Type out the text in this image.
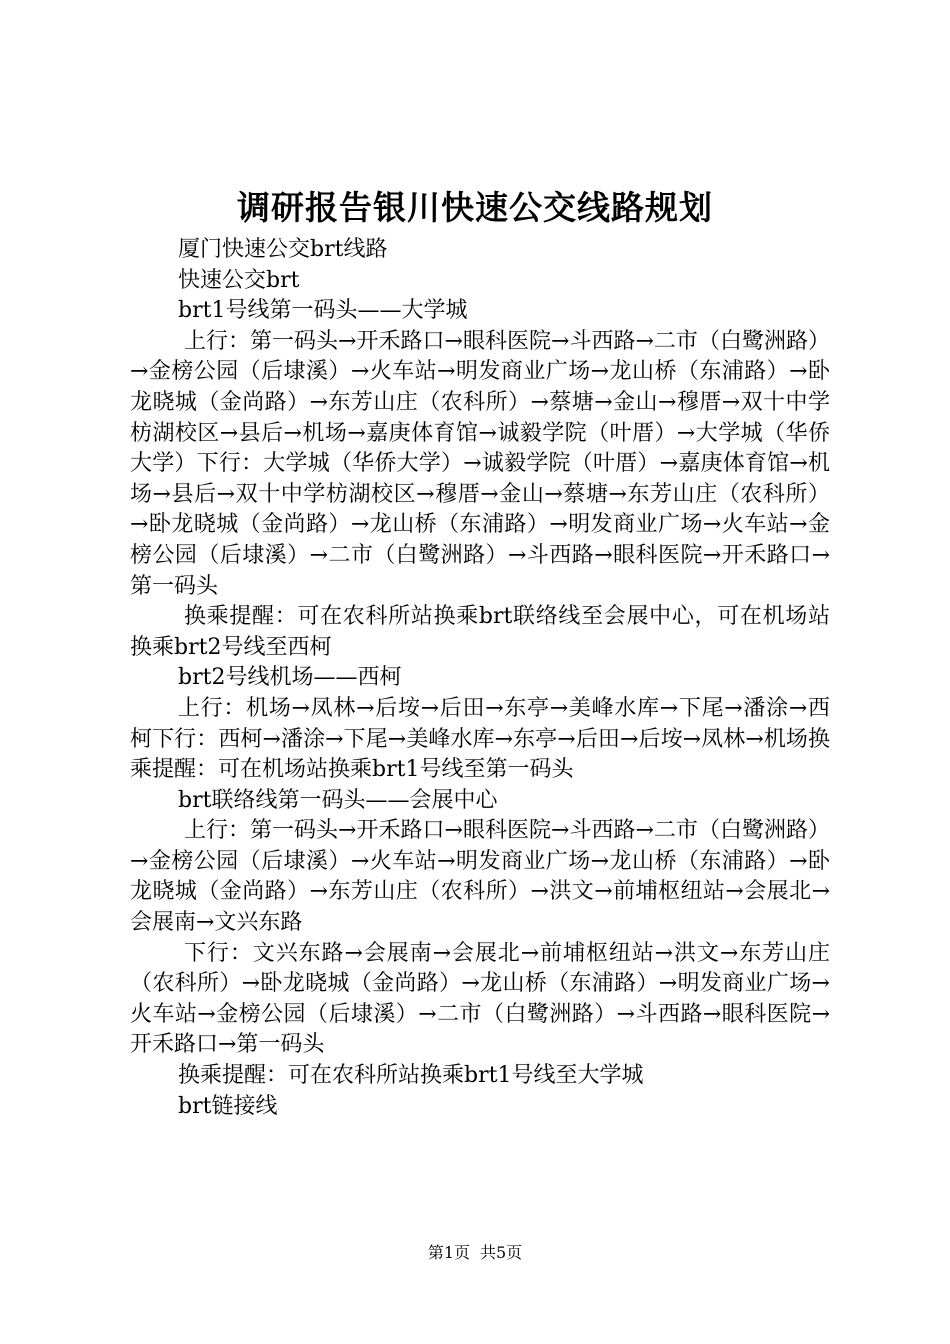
调研报告银川快速公交线路规划

厦门快速公交brt线路

快速公交brt

brt1号线第一码头——大学城

上行：第一码头→开禾路口→眼科医院→斗西路→二市（白鹭洲路）→金榜公园（后埭溪）→火车站→明发商业广场→龙山桥（东浦路）→卧龙晓城（金尚路）→东芳山庄（农科所）→蔡塘→金山→穆厝→双十中学枋湖校区→县后→机场→嘉庚体育馆→诚毅学院（叶厝）→大学城（华侨大学）下行：大学城（华侨大学）→诚毅学院（叶厝）→嘉庚体育馆→机场→县后→双十中学枋湖校区→穆厝→金山→蔡塘→东芳山庄（农科所）→卧龙晓城（金尚路）→龙山桥（东浦路）→明发商业广场→火车站→金榜公园（后埭溪）→二市（白鹭洲路）→斗西路→眼科医院→开禾路口→第一码头

换乘提醒：可在农科所站换乘brt联络线至会展中心，可在机场站换乘brt2号线至西柯

brt2号线机场——西柯

上行：机场→凤林→后垵→后田→东亭→美峰水库→下尾→潘涂→西柯下行：西柯→潘涂→下尾→美峰水库→东亭→后田→后垵→凤林→机场换乘提醒：可在机场站换乘brt1号线至第一码头

brt联络线第一码头——会展中心

上行：第一码头→开禾路口→眼科医院→斗西路→二市（白鹭洲路）→金榜公园（后埭溪）→火车站→明发商业广场→龙山桥（东浦路）→卧龙晓城（金尚路）→东芳山庄（农科所）→洪文→前埔枢纽站→会展北→会展南→文兴东路

下行：文兴东路→会展南→会展北→前埔枢纽站→洪文→东芳山庄（农科所）→卧龙晓城（金尚路）→龙山桥（东浦路）→明发商业广场→火车站→金榜公园（后埭溪）→二市（白鹭洲路）→斗西路→眼科医院→开禾路口→第一码头

换乘提醒：可在农科所站换乘brt1号线至大学城

brt链接线

第1页 共5页
